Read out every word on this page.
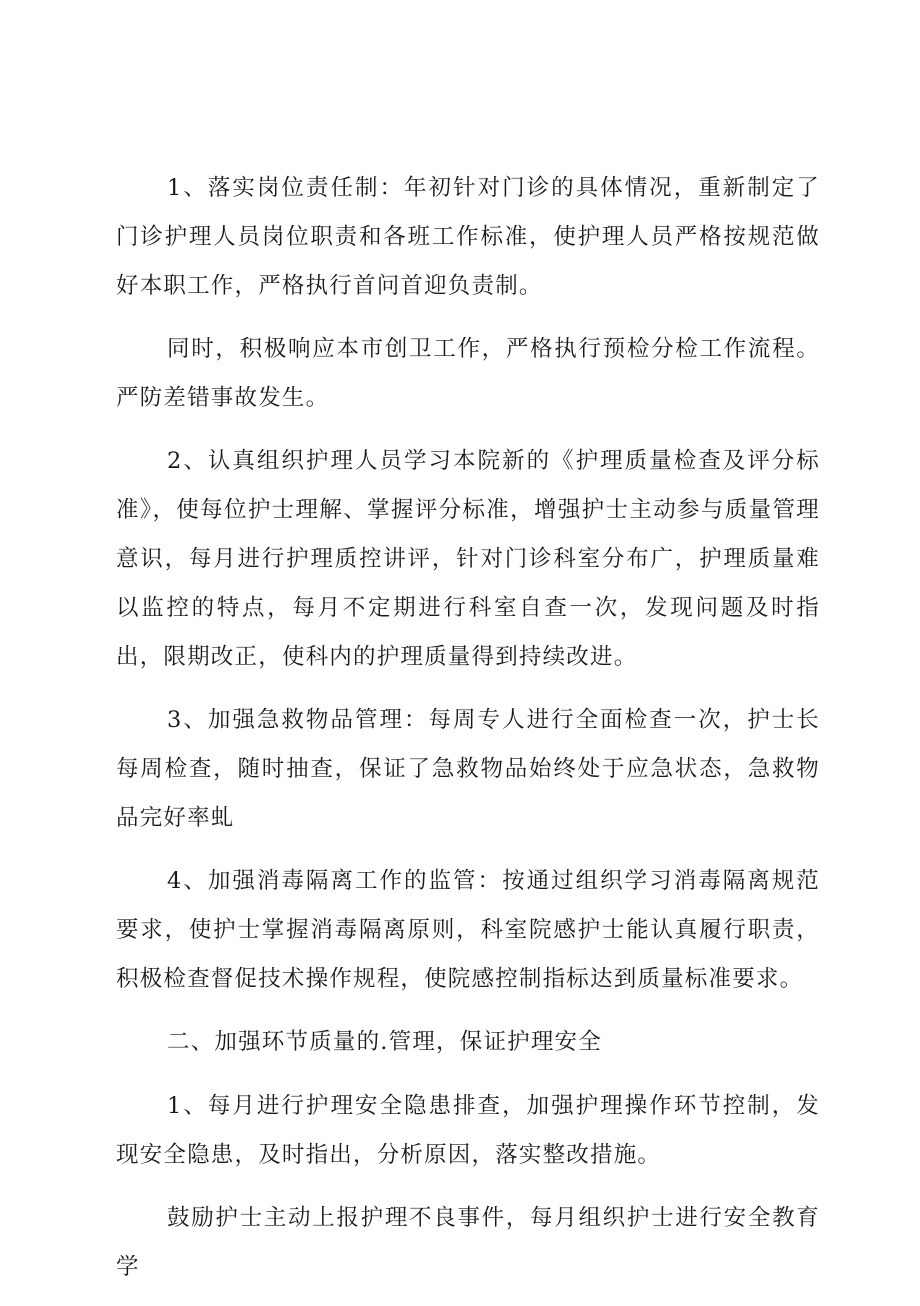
1、落实岗位责任制：年初针对门诊的具体情况，重新制定了门诊护理人员岗位职责和各班工作标准，使护理人员严格按规范做好本职工作，严格执行首问首迎负责制。

同时，积极响应本市创卫工作，严格执行预检分检工作流程。严防差错事故发生。

2、认真组织护理人员学习本院新的《护理质量检查及评分标准》，使每位护士理解、掌握评分标准，增强护士主动参与质量管理意识，每月进行护理质控讲评，针对门诊科室分布广，护理质量难以监控的特点，每月不定期进行科室自查一次，发现问题及时指出，限期改正，使科内的护理质量得到持续改进。

3、加强急救物品管理：每周专人进行全面检查一次，护士长每周检查，随时抽查，保证了急救物品始终处于应急状态，急救物品完好率虬

4、加强消毒隔离工作的监管：按通过组织学习消毒隔离规范要求，使护士掌握消毒隔离原则，科室院感护士能认真履行职责，积极检查督促技术操作规程，使院感控制指标达到质量标准要求。

二、加强环节质量的.管理，保证护理安全

1、每月进行护理安全隐患排查，加强护理操作环节控制，发现安全隐患，及时指出，分析原因，落实整改措施。

鼓励护士主动上报护理不良事件，每月组织护士进行安全教育学
